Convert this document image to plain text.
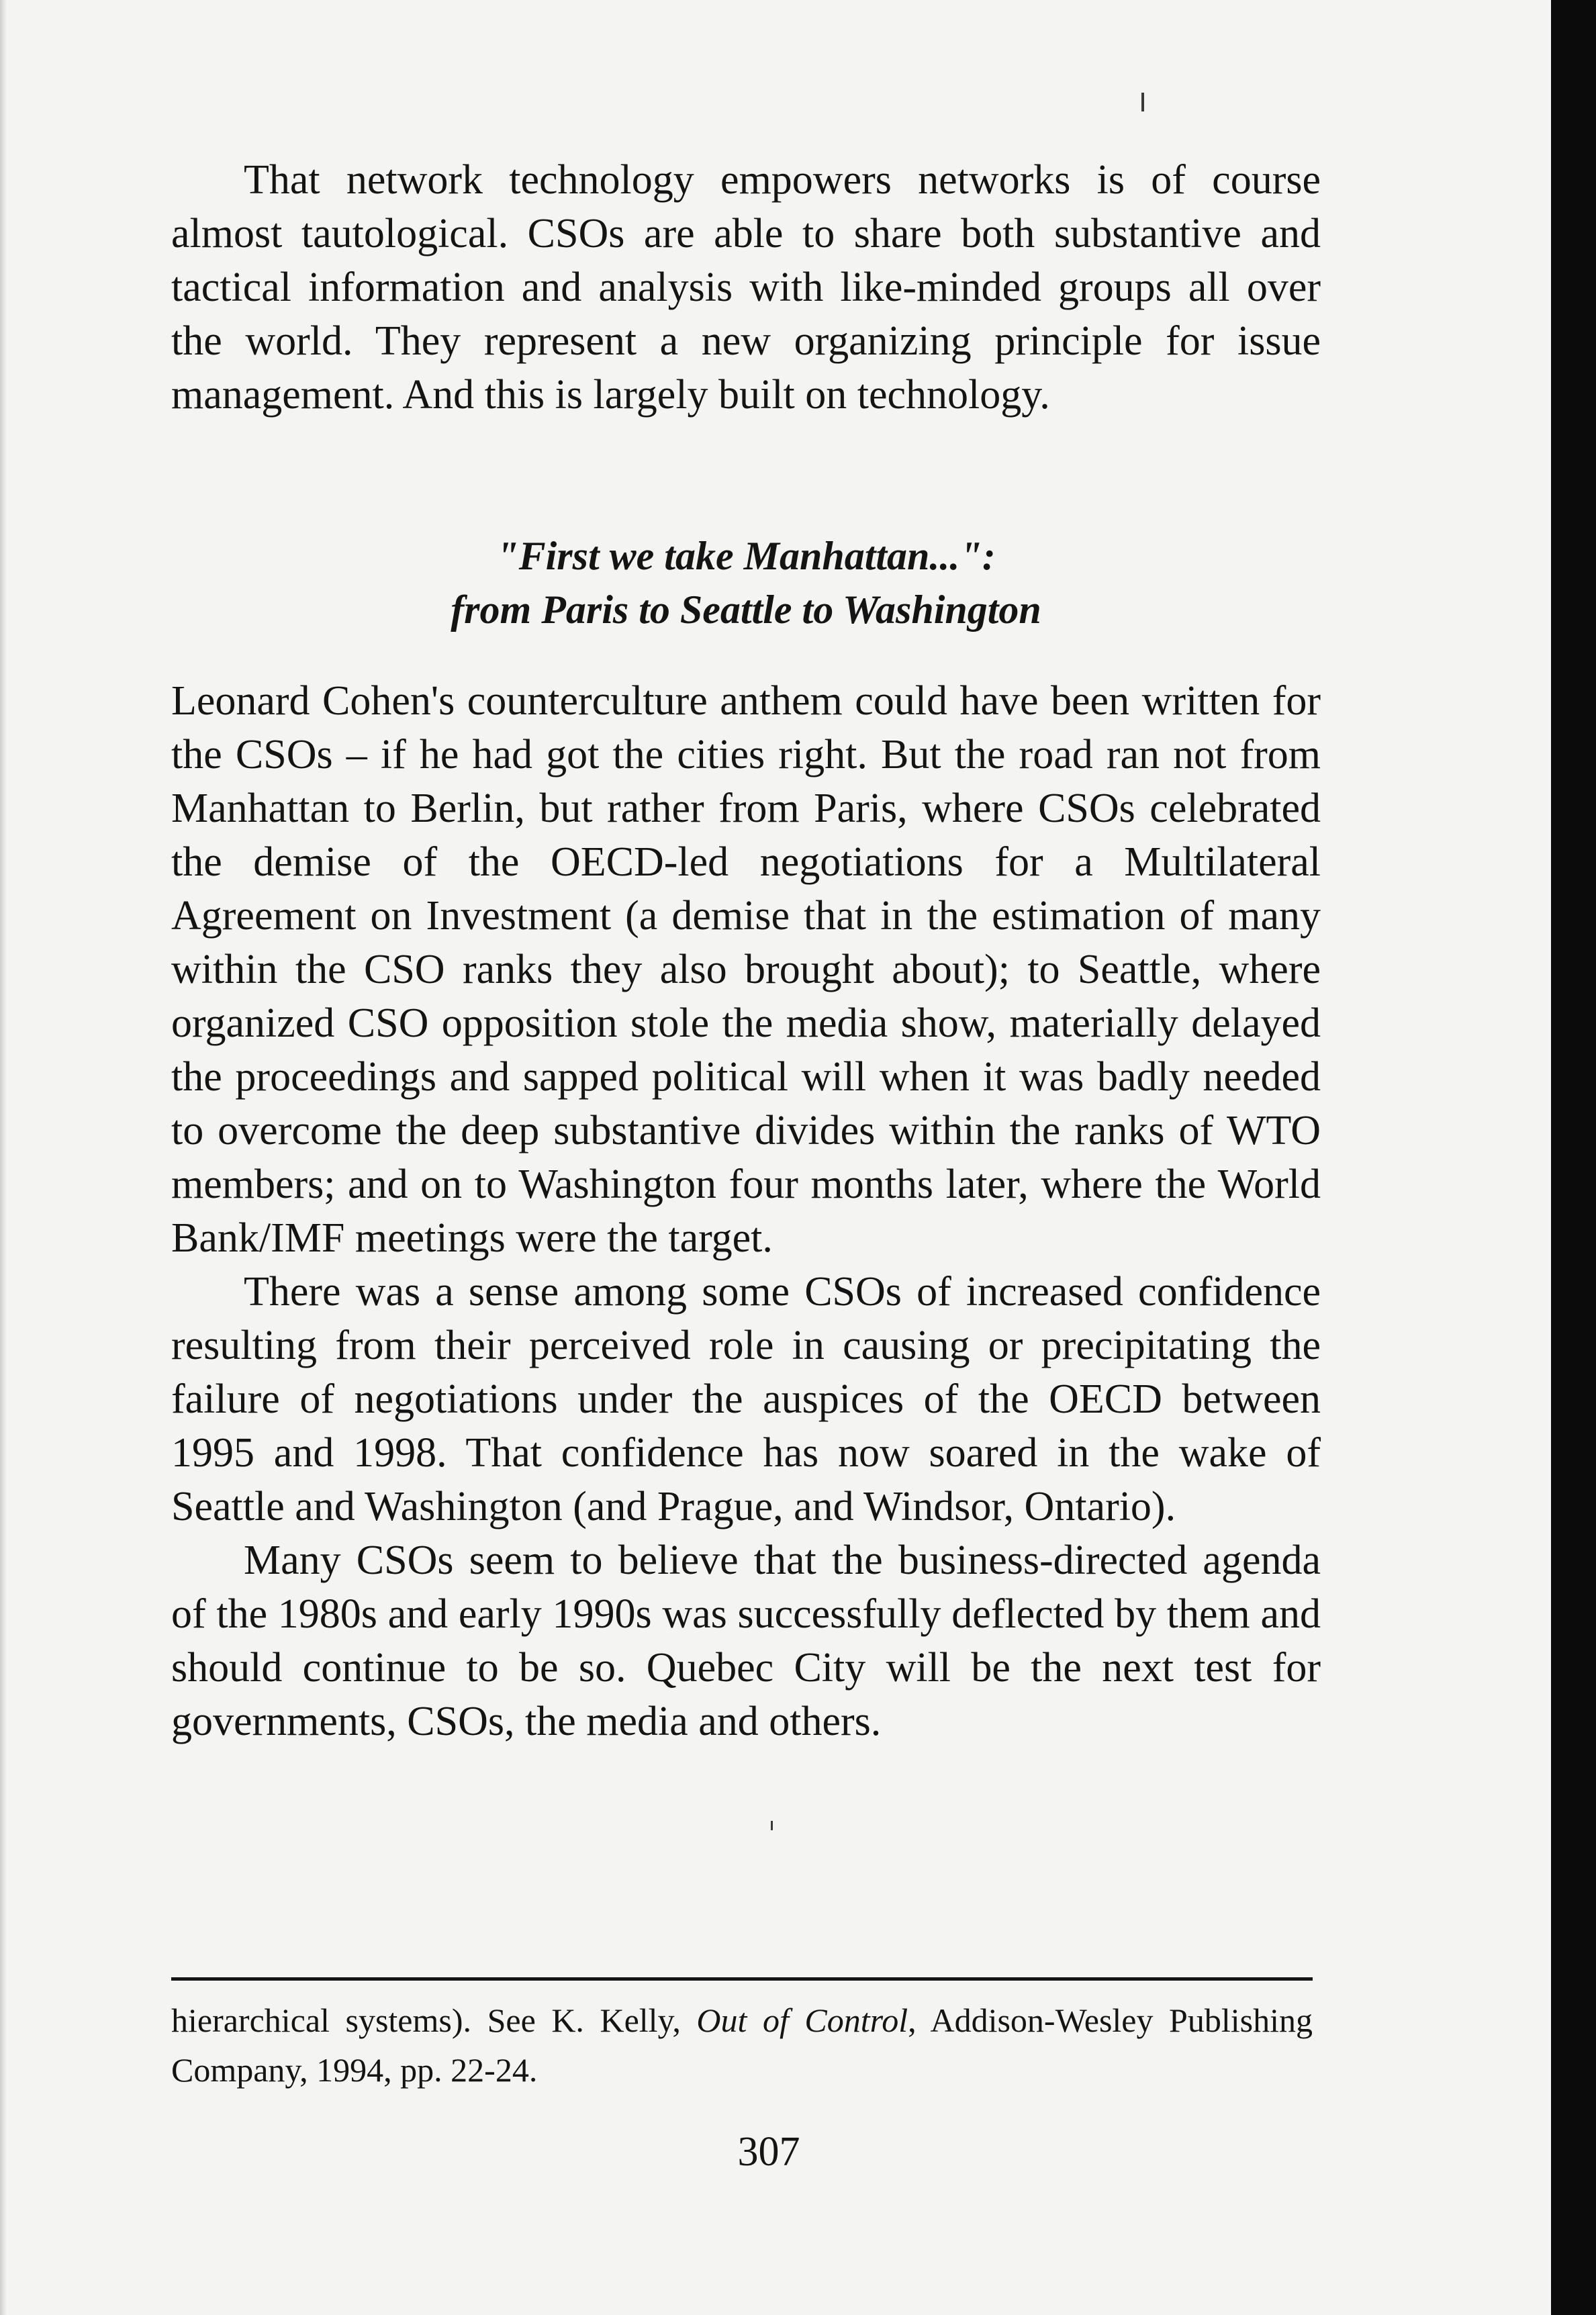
That network technology empowers networks is of course almost tautological. CSOs are able to share both substantive and tactical information and analysis with like-minded groups all over the world. They represent a new organizing principle for issue management. And this is largely built on technology.

"First we take Manhattan...":
from Paris to Seattle to Washington

Leonard Cohen's counterculture anthem could have been written for the CSOs – if he had got the cities right. But the road ran not from Manhattan to Berlin, but rather from Paris, where CSOs celebrated the demise of the OECD-led negotiations for a Multilateral Agreement on Investment (a demise that in the estimation of many within the CSO ranks they also brought about); to Seattle, where organized CSO opposition stole the media show, materially delayed the proceedings and sapped political will when it was badly needed to overcome the deep substantive divides within the ranks of WTO members; and on to Washington four months later, where the World Bank/IMF meetings were the target.

There was a sense among some CSOs of increased confidence resulting from their perceived role in causing or precipitating the failure of negotiations under the auspices of the OECD between 1995 and 1998. That confidence has now soared in the wake of Seattle and Washington (and Prague, and Windsor, Ontario).

Many CSOs seem to believe that the business-directed agenda of the 1980s and early 1990s was successfully deflected by them and should continue to be so. Quebec City will be the next test for governments, CSOs, the media and others.

hierarchical systems). See K. Kelly, Out of Control, Addison-Wesley Publishing Company, 1994, pp. 22-24.

307
